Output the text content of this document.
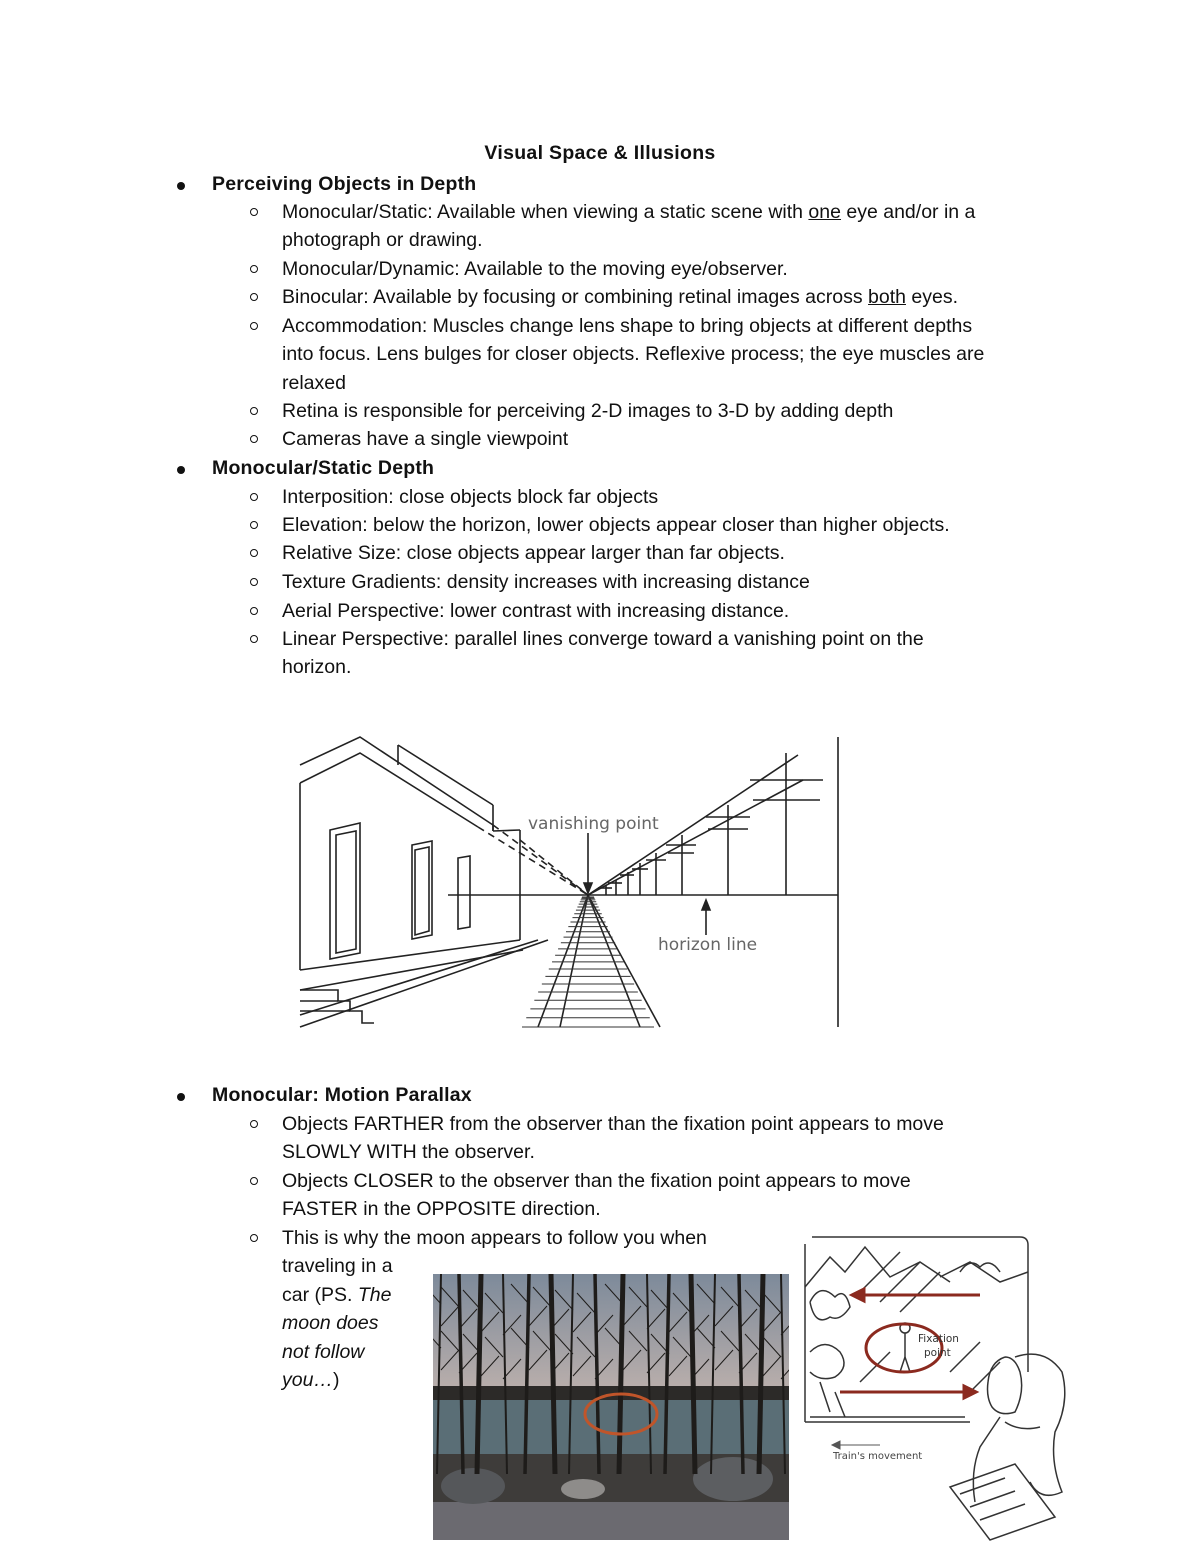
Visual Space & Illusions
Perceiving Objects in Depth
Monocular/Static: Available when viewing a static scene with one eye and/or in a
photograph or drawing.
Monocular/Dynamic: Available to the moving eye/observer.
Binocular: Available by focusing or combining retinal images across both eyes.
Accommodation: Muscles change lens shape to bring objects at different depths
into focus. Lens bulges for closer objects. Reflexive process; the eye muscles are
relaxed
Retina is responsible for perceiving 2-D images to 3-D by adding depth
Cameras have a single viewpoint
Monocular/Static Depth
Interposition: close objects block far objects
Elevation: below the horizon, lower objects appear closer than higher objects.
Relative Size: close objects appear larger than far objects.
Texture Gradients: density increases with increasing distance
Aerial Perspective: lower contrast with increasing distance.
Linear Perspective: parallel lines converge toward a vanishing point on the
horizon.
vanishing point
horizon line
Monocular: Motion Parallax
Objects FARTHER from the observer than the fixation point appears to move
SLOWLY WITH the observer.
Objects CLOSER to the observer than the fixation point appears to move
FASTER in the OPPOSITE direction.
This is why the moon appears to follow you when
traveling in a
car (PS. The
moon does
not follow
you…)
Fixation
point
Train's movement
